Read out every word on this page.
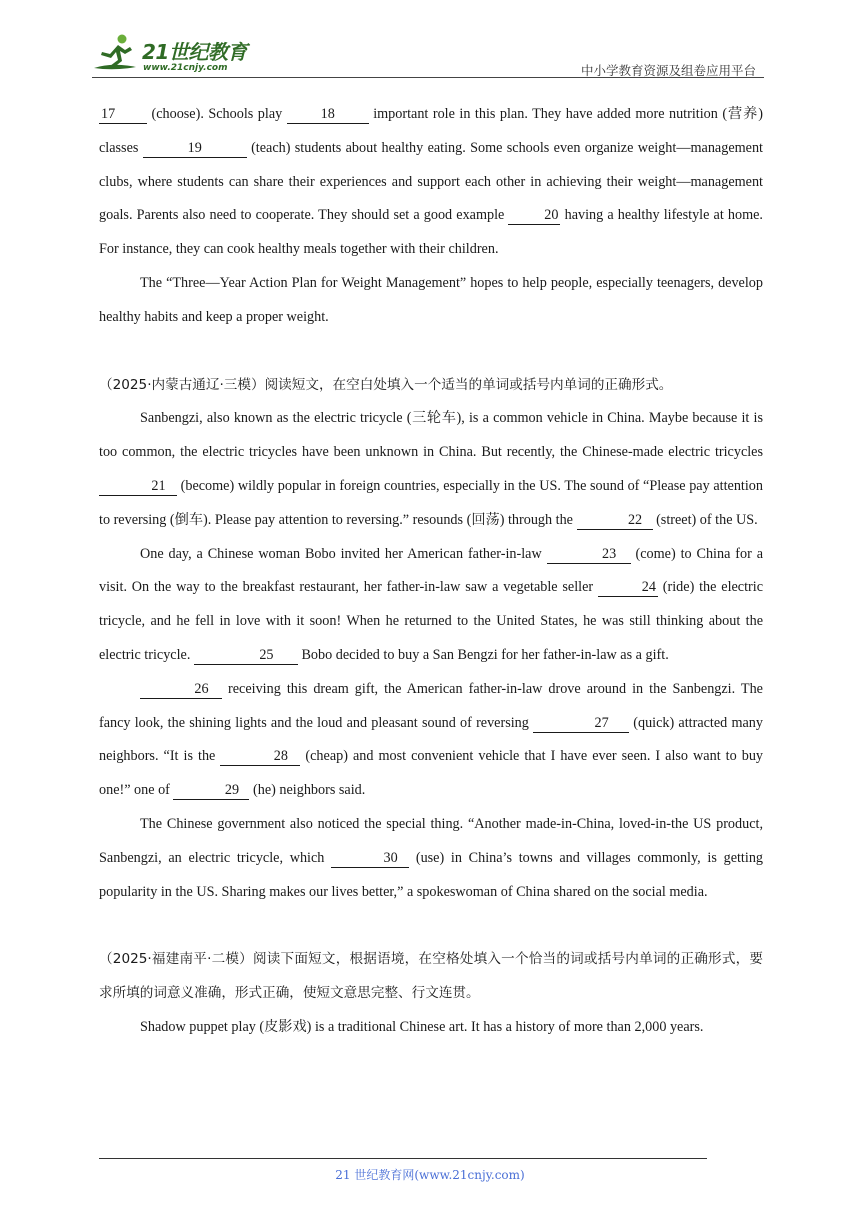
21世纪教育
www.21cnjy.com	中小学教育资源及组卷应用平台

17 (choose). Schools play 18 important role in this plan. They have added more nutrition (营养) classes	19	(teach) students about healthy eating. Some schools even organize weight—management clubs, where students can share their experiences and support each other in achieving their weight—management goals. Parents also need to cooperate. They should set a good example	20 having a healthy lifestyle at home. For instance, they can cook healthy meals together with their children.

The “Three—Year Action Plan for Weight Management” hopes to help people, especially teenagers, develop healthy habits and keep a proper weight.

（2025·内蒙古通辽·三模）阅读短文，在空白处填入一个适当的单词或括号内单词的正确形式。

Sanbengzi, also known as the electric tricycle (三轮车), is a common vehicle in China. Maybe because it is too common, the electric tricycles have been unknown in China. But recently, the Chinese-made electric tricycles 21 (become) wildly popular in foreign countries, especially in the US. The sound of “Please pay attention to reversing (倒车). Please pay attention to reversing.” resounds (回荡) through the	22 (street) of the US.

One day, a Chinese woman Bobo invited her American father-in-law	23 (come) to China for a visit. On the way to the breakfast restaurant, her father-in-law saw a vegetable seller	24 (ride) the electric tricycle, and he fell in love with it soon! When he returned to the United States, he was still thinking about the electric tricycle.	25 Bobo decided to buy a San Bengzi for her father-in-law as a gift.

26 receiving this dream gift, the American father-in-law drove around in the Sanbengzi. The fancy look, the shining lights and the loud and pleasant sound of reversing	27 (quick) attracted many neighbors. “It is the	28 (cheap) and most convenient vehicle that I have ever seen. I also want to buy one!” one of	29 (he) neighbors said.

The Chinese government also noticed the special thing. “Another made-in-China, loved-in-the US product, Sanbengzi, an electric tricycle, which	30 (use) in China’s towns and villages commonly, is getting popularity in the US. Sharing makes our lives better,” a spokeswoman of China shared on the social media.

（2025·福建南平·二模）阅读下面短文，根据语境，在空格处填入一个恰当的词或括号内单词的正确形式，要求所填的词意义准确，形式正确，使短文意思完整、行文连贯。

Shadow puppet play (皮影戏) is a traditional Chinese art. It has a history of more than 2,000 years.

21 世纪教育网(www.21cnjy.com)
